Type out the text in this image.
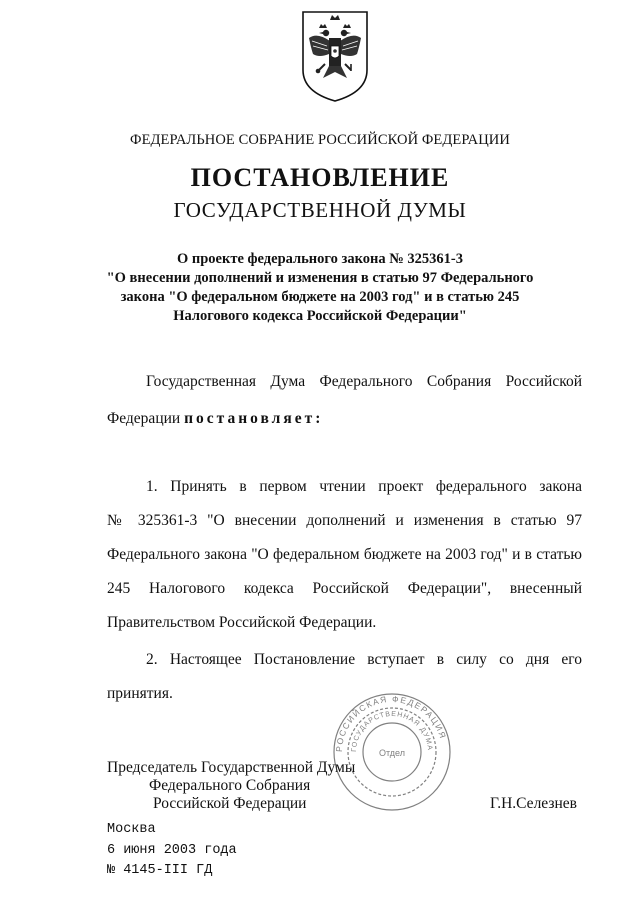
ФЕДЕРАЛЬНОЕ СОБРАНИЕ РОССИЙСКОЙ ФЕДЕРАЦИИ
ПОСТАНОВЛЕНИЕ
ГОСУДАРСТВЕННОЙ ДУМЫ
О проекте федерального закона № 325361-3
"О внесении дополнений и изменения в статью 97 Федерального
закона "О федеральном бюджете на 2003 год" и в статью 245
Налогового кодекса Российской Федерации"
Государственная Дума Федерального Собрания Российской
Федерации постановляет:
1. Принять в первом чтении проект федерального закона
№ 325361-3 "О внесении дополнений и изменения в статью 97
Федерального закона "О федеральном бюджете на 2003 год" и в статью
245 Налогового кодекса Российской Федерации", внесенный
Правительством Российской Федерации.
2. Настоящее Постановление вступает в силу со дня его
принятия.
РОССИЙСКАЯ ФЕДЕРАЦИЯ
ГОСУДАРСТВЕННАЯ ДУМА
Отдел
Председатель Государственной Думы
Федерального Собрания
Российской Федерации	Г.Н.Селезнев
Москва
6 июня 2003 года
№ 4145-III ГД
